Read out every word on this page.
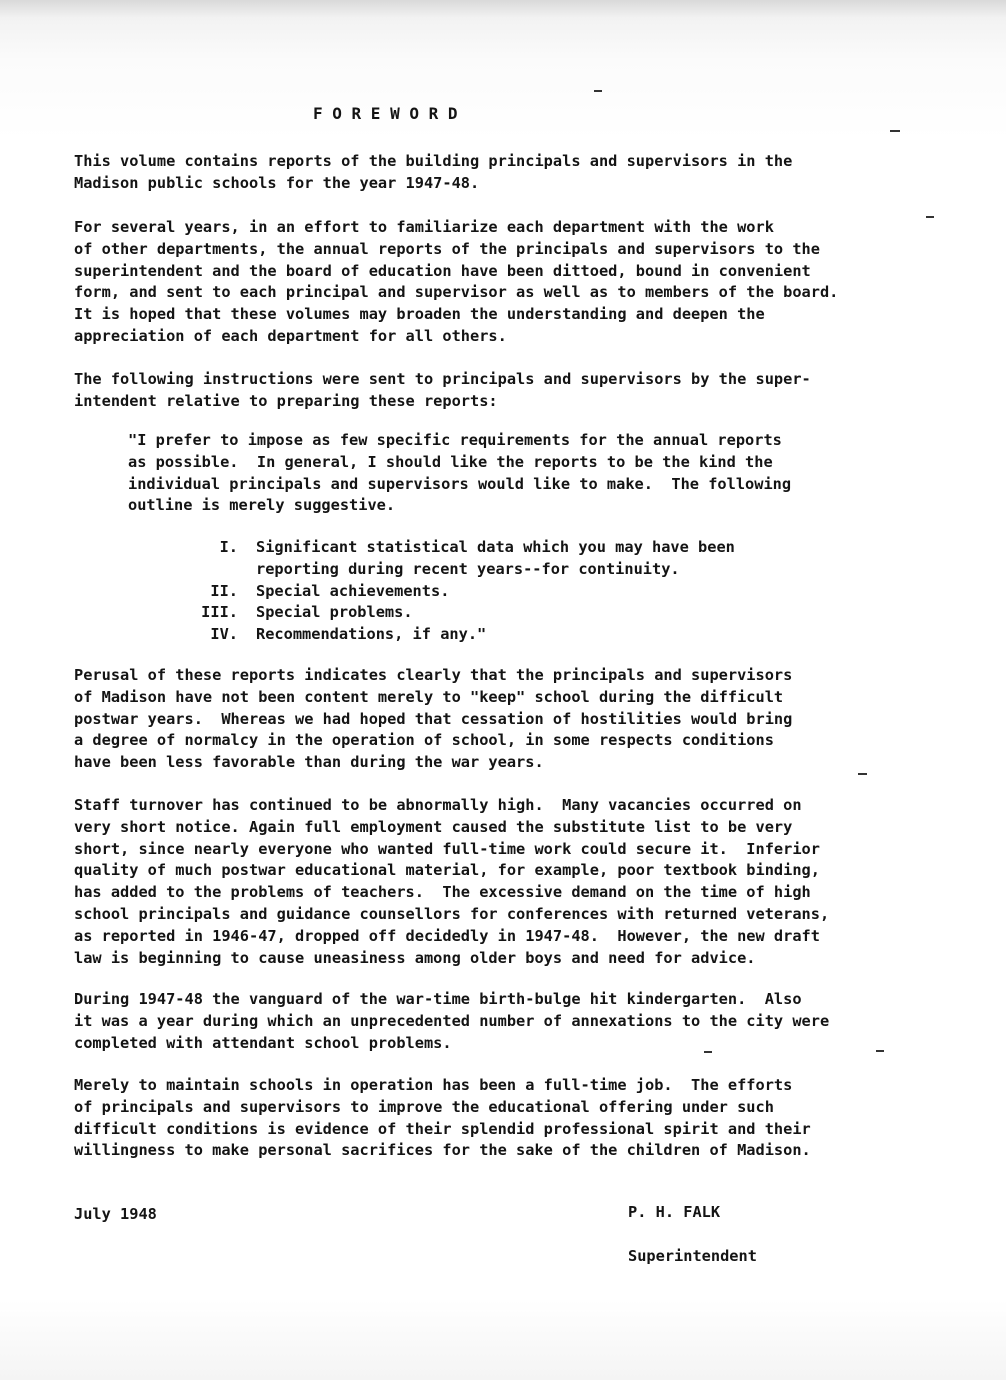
F O R E W O R D
This volume contains reports of the building principals and supervisors in the
Madison public schools for the year 1947-48.
For several years, in an effort to familiarize each department with the work
of other departments, the annual reports of the principals and supervisors to the
superintendent and the board of education have been dittoed, bound in convenient
form, and sent to each principal and supervisor as well as to members of the board.
It is hoped that these volumes may broaden the understanding and deepen the
appreciation of each department for all others.
The following instructions were sent to principals and supervisors by the super-
intendent relative to preparing these reports:
"I prefer to impose as few specific requirements for the annual reports
as possible.  In general, I should like the reports to be the kind the
individual principals and supervisors would like to make.  The following
outline is merely suggestive.
I.	Significant statistical data which you may have been
reporting during recent years--for continuity.
II.	Special achievements.
III.	Special problems.
IV.	Recommendations, if any."
Perusal of these reports indicates clearly that the principals and supervisors
of Madison have not been content merely to "keep" school during the difficult
postwar years.  Whereas we had hoped that cessation of hostilities would bring
a degree of normalcy in the operation of school, in some respects conditions
have been less favorable than during the war years.
Staff turnover has continued to be abnormally high.  Many vacancies occurred on
very short notice. Again full employment caused the substitute list to be very
short, since nearly everyone who wanted full-time work could secure it.  Inferior
quality of much postwar educational material, for example, poor textbook binding,
has added to the problems of teachers.  The excessive demand on the time of high
school principals and guidance counsellors for conferences with returned veterans,
as reported in 1946-47, dropped off decidedly in 1947-48.  However, the new draft
law is beginning to cause uneasiness among older boys and need for advice.
During 1947-48 the vanguard of the war-time birth-bulge hit kindergarten.  Also
it was a year during which an unprecedented number of annexations to the city were
completed with attendant school problems.
Merely to maintain schools in operation has been a full-time job.  The efforts
of principals and supervisors to improve the educational offering under such
difficult conditions is evidence of their splendid professional spirit and their
willingness to make personal sacrifices for the sake of the children of Madison.
July 1948	P. H. FALK
Superintendent
